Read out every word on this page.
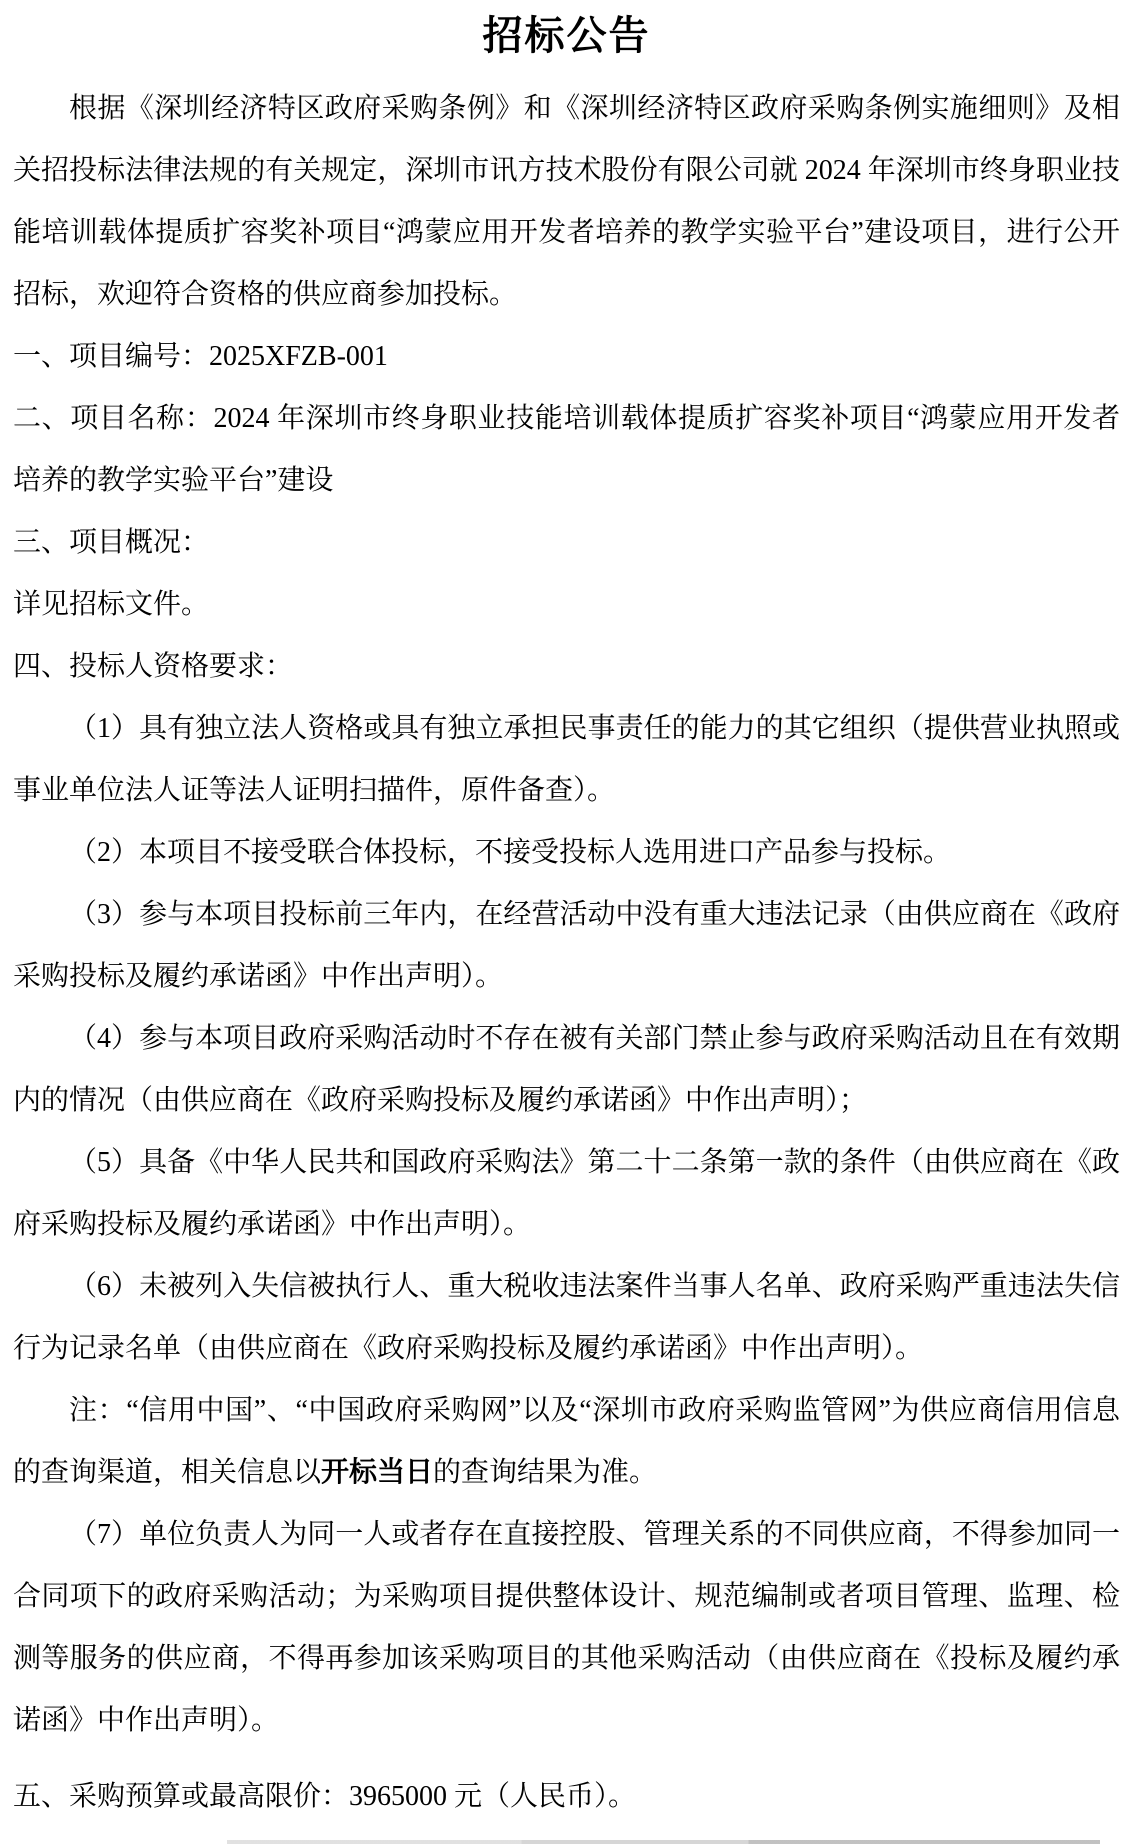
招标公告

根据《深圳经济特区政府采购条例》和《深圳经济特区政府采购条例实施细则》及相关招投标法律法规的有关规定，深圳市讯方技术股份有限公司就 2024 年深圳市终身职业技能培训载体提质扩容奖补项目“鸿蒙应用开发者培养的教学实验平台”建设项目，进行公开招标，欢迎符合资格的供应商参加投标。

一、项目编号：2025XFZB-001

二、项目名称：2024 年深圳市终身职业技能培训载体提质扩容奖补项目“鸿蒙应用开发者培养的教学实验平台”建设

三、项目概况：

详见招标文件。

四、投标人资格要求：

（1）具有独立法人资格或具有独立承担民事责任的能力的其它组织（提供营业执照或事业单位法人证等法人证明扫描件，原件备查）。

（2）本项目不接受联合体投标，不接受投标人选用进口产品参与投标。

（3）参与本项目投标前三年内，在经营活动中没有重大违法记录（由供应商在《政府采购投标及履约承诺函》中作出声明）。

（4）参与本项目政府采购活动时不存在被有关部门禁止参与政府采购活动且在有效期内的情况（由供应商在《政府采购投标及履约承诺函》中作出声明）；

（5）具备《中华人民共和国政府采购法》第二十二条第一款的条件（由供应商在《政府采购投标及履约承诺函》中作出声明）。

（6）未被列入失信被执行人、重大税收违法案件当事人名单、政府采购严重违法失信行为记录名单（由供应商在《政府采购投标及履约承诺函》中作出声明）。

注：“信用中国”、“中国政府采购网”以及“深圳市政府采购监管网”为供应商信用信息的查询渠道，相关信息以开标当日的查询结果为准。

（7）单位负责人为同一人或者存在直接控股、管理关系的不同供应商，不得参加同一合同项下的政府采购活动；为采购项目提供整体设计、规范编制或者项目管理、监理、检测等服务的供应商，不得再参加该采购项目的其他采购活动（由供应商在《投标及履约承诺函》中作出声明）。

五、采购预算或最高限价：3965000 元（人民币）。
